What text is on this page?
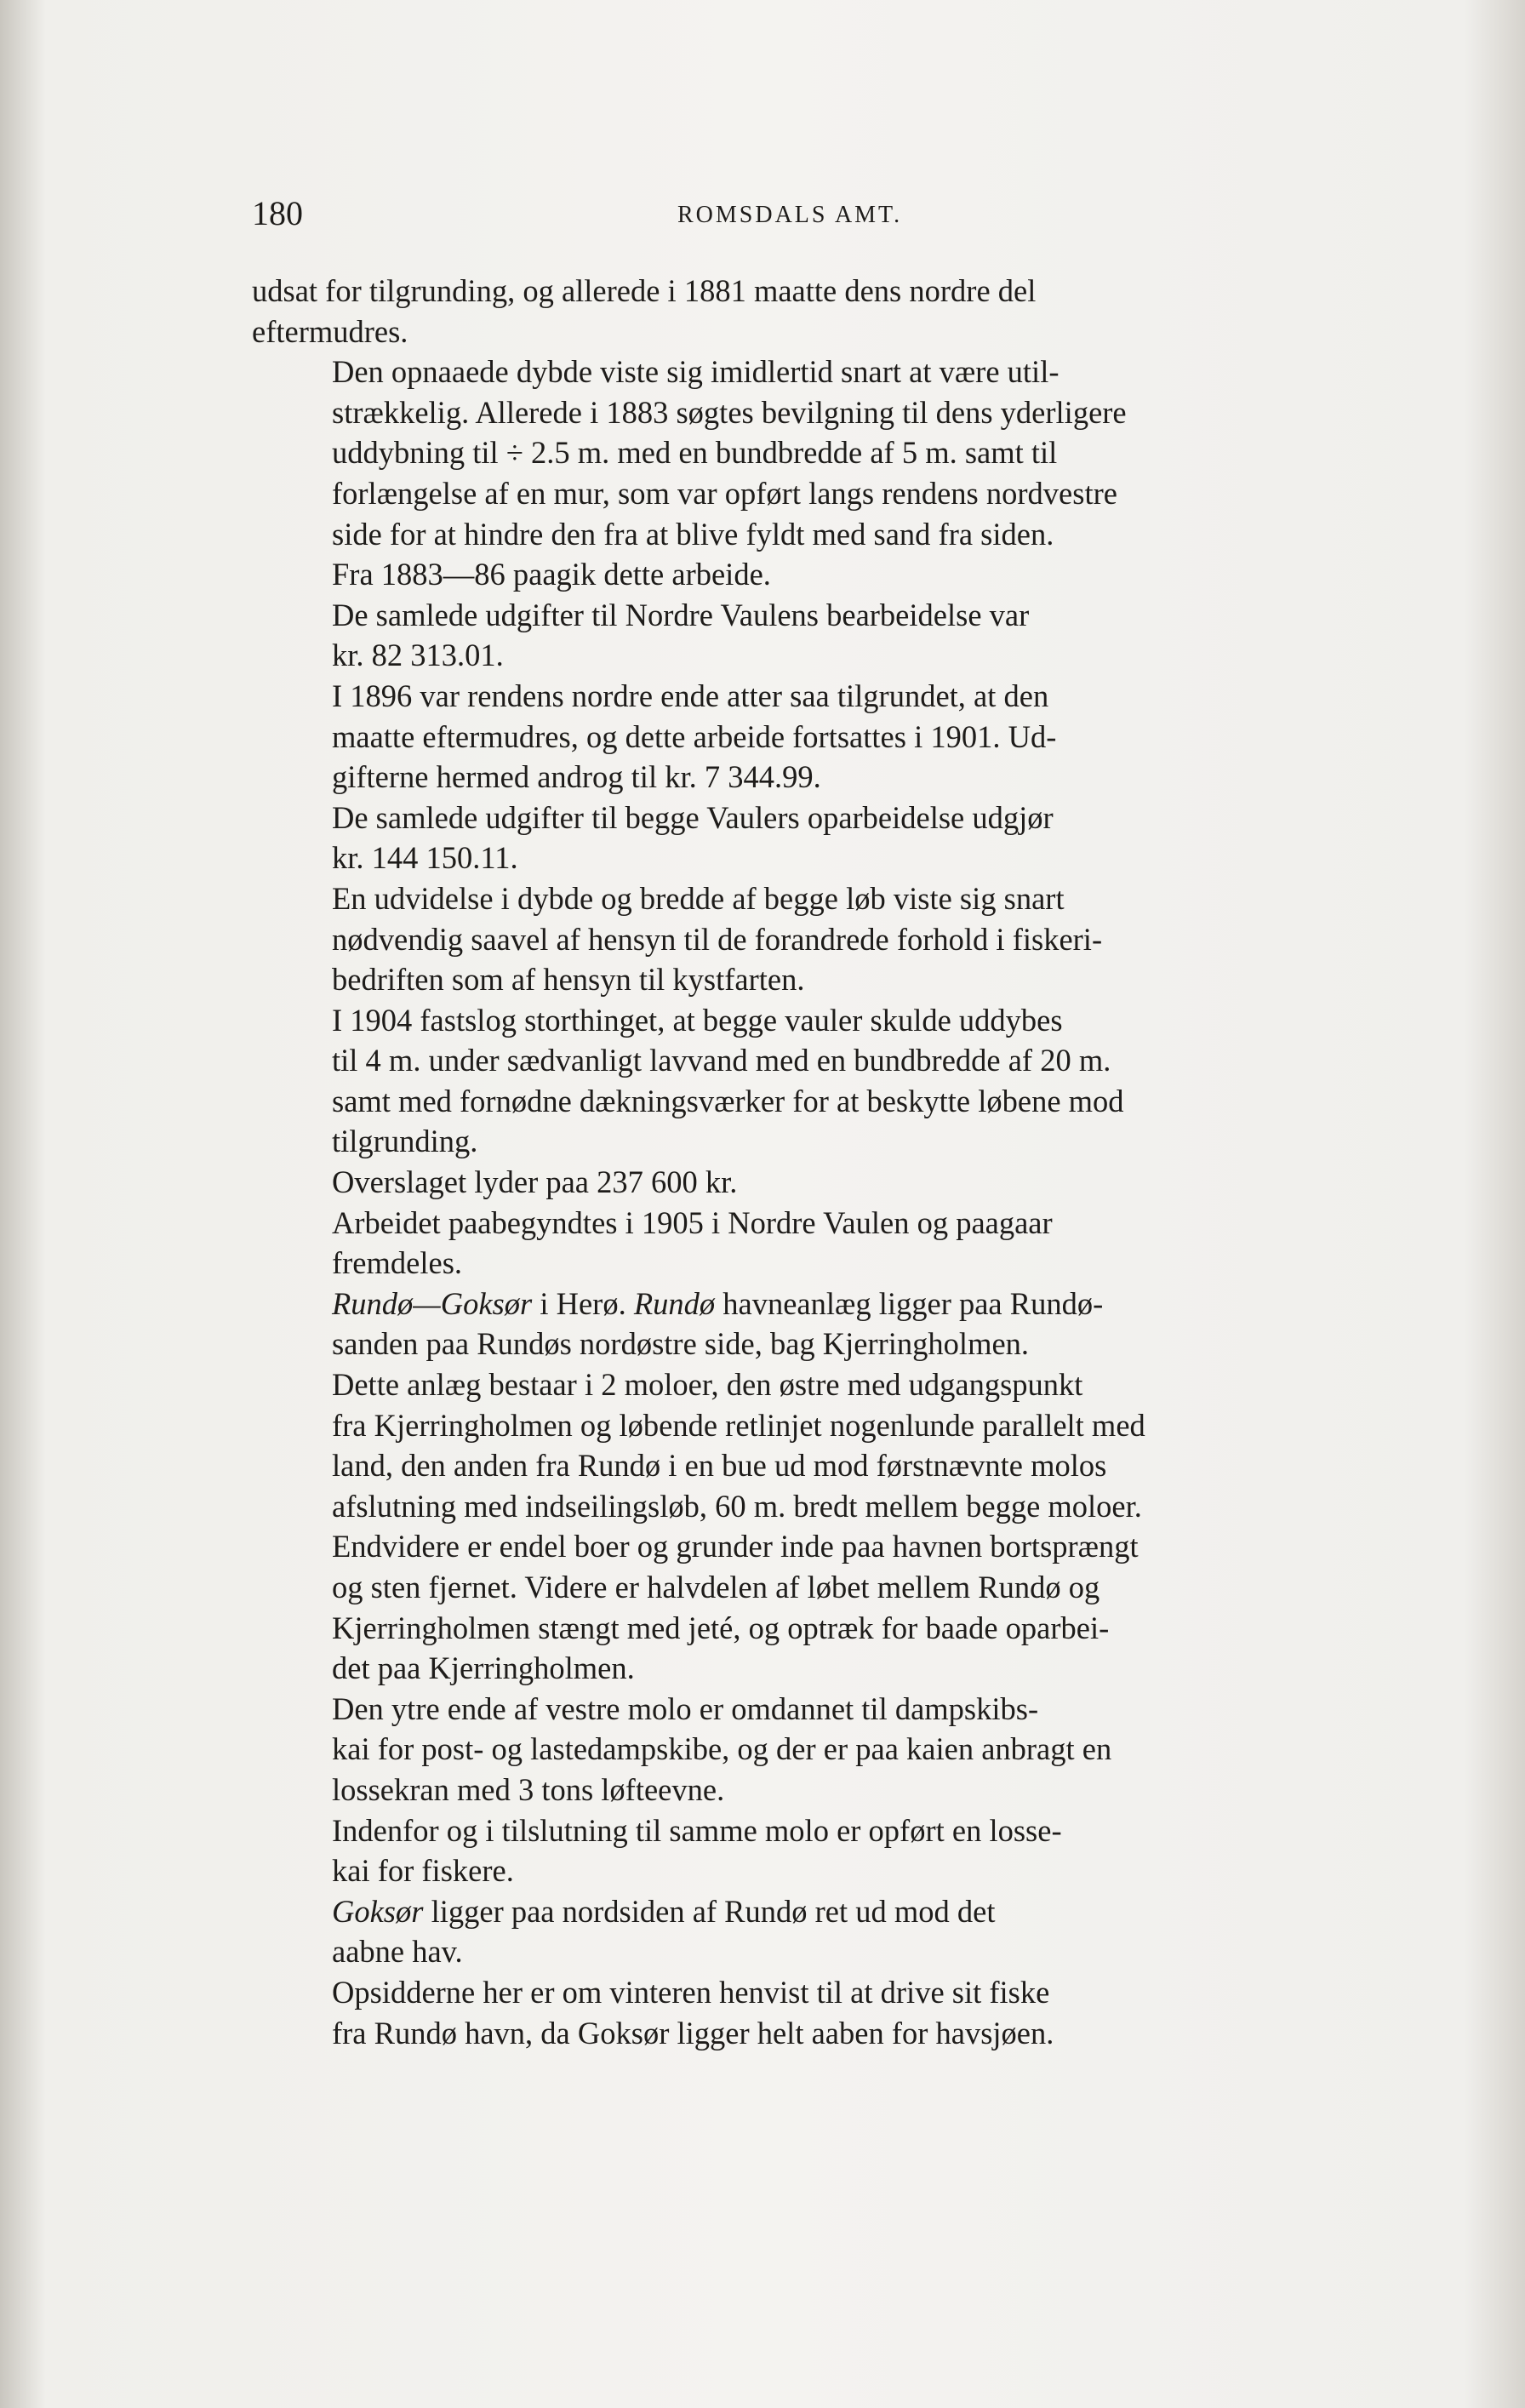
180	ROMSDALS AMT.

udsat for tilgrunding, og allerede i 1881 maatte dens nordre del
eftermudres.

Den opnaaede dybde viste sig imidlertid snart at være util-
strækkelig. Allerede i 1883 søgtes bevilgning til dens yderligere
uddybning til ÷ 2.5 m. med en bundbredde af 5 m. samt til
forlængelse af en mur, som var opført langs rendens nordvestre
side for at hindre den fra at blive fyldt med sand fra siden.

Fra 1883—86 paagik dette arbeide.

De samlede udgifter til Nordre Vaulens bearbeidelse var
kr. 82 313.01.

I 1896 var rendens nordre ende atter saa tilgrundet, at den
maatte eftermudres, og dette arbeide fortsattes i 1901. Ud-
gifterne hermed androg til kr. 7 344.99.

De samlede udgifter til begge Vaulers oparbeidelse udgjør
kr. 144 150.11.

En udvidelse i dybde og bredde af begge løb viste sig snart
nødvendig saavel af hensyn til de forandrede forhold i fiskeri-
bedriften som af hensyn til kystfarten.

I 1904 fastslog storthinget, at begge vauler skulde uddybes
til 4 m. under sædvanligt lavvand med en bundbredde af 20 m.
samt med fornødne dækningsværker for at beskytte løbene mod
tilgrunding.

Overslaget lyder paa 237 600 kr.

Arbeidet paabegyndtes i 1905 i Nordre Vaulen og paagaar
fremdeles.

Rundø—Goksør i Herø. Rundø havneanlæg ligger paa Rundø-
sanden paa Rundøs nordøstre side, bag Kjerringholmen.

Dette anlæg bestaar i 2 moloer, den østre med udgangspunkt
fra Kjerringholmen og løbende retlinjet nogenlunde parallelt med
land, den anden fra Rundø i en bue ud mod førstnævnte molos
afslutning med indseilingsløb, 60 m. bredt mellem begge moloer.
Endvidere er endel boer og grunder inde paa havnen bortsprængt
og sten fjernet. Videre er halvdelen af løbet mellem Rundø og
Kjerringholmen stængt med jeté, og optræk for baade oparbei-
det paa Kjerringholmen.

Den ytre ende af vestre molo er omdannet til dampskibs-
kai for post- og lastedampskibe, og der er paa kaien anbragt en
lossekran med 3 tons løfteevne.

Indenfor og i tilslutning til samme molo er opført en losse-
kai for fiskere.

Goksør ligger paa nordsiden af Rundø ret ud mod det
aabne hav.

Opsidderne her er om vinteren henvist til at drive sit fiske
fra Rundø havn, da Goksør ligger helt aaben for havsjøen.
